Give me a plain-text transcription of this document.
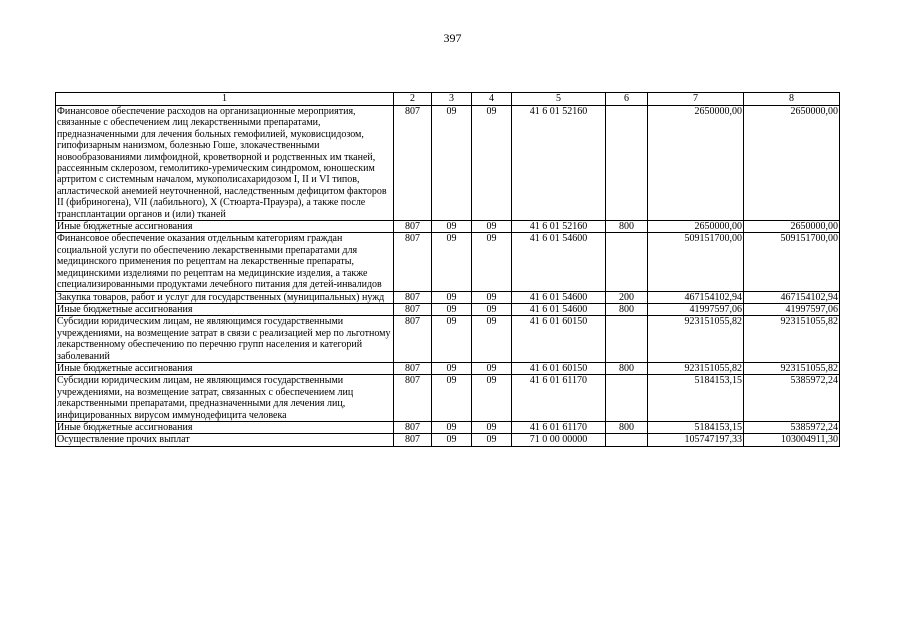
397
1	2	3	4	5	6	7	8
Финансовое обеспечение расходов на организационные мероприятия, связанные с обеспечением лиц лекарственными препаратами, предназначенными для лечения больных гемофилией, муковисцидозом, гипофизарным нанизмом, болезнью Гоше, злокачественными новообразованиями лимфоидной, кроветворной и родственных им тканей, рассеянным склерозом, гемолитико-уремическим синдромом, юношеским артритом с системным началом, мукополисахаридозом I, II и VI типов, апластической анемией неуточненной, наследственным дефицитом факторов II (фибриногена), VII (лабильного), X (Стюарта-Прауэра), а также после трансплантации органов и (или) тканей	807	09	09	41 6 01 52160		2650000,00	2650000,00
Иные бюджетные ассигнования	807	09	09	41 6 01 52160	800	2650000,00	2650000,00
Финансовое обеспечение оказания отдельным категориям граждан социальной услуги по обеспечению лекарственными препаратами для медицинского применения по рецептам на лекарственные препараты, медицинскими изделиями по рецептам на медицинские изделия, а также специализированными продуктами лечебного питания для детей-инвалидов	807	09	09	41 6 01 54600		509151700,00	509151700,00
Закупка товаров, работ и услуг для государственных (муниципальных) нужд	807	09	09	41 6 01 54600	200	467154102,94	467154102,94
Иные бюджетные ассигнования	807	09	09	41 6 01 54600	800	41997597,06	41997597,06
Субсидии юридическим лицам, не являющимся государственными учреждениями, на возмещение затрат в связи с реализацией мер по льготному лекарственному обеспечению по перечню групп населения и категорий заболеваний	807	09	09	41 6 01 60150		923151055,82	923151055,82
Иные бюджетные ассигнования	807	09	09	41 6 01 60150	800	923151055,82	923151055,82
Субсидии юридическим лицам, не являющимся государственными учреждениями, на возмещение затрат, связанных с обеспечением лиц лекарственными препаратами, предназначенными для лечения лиц, инфицированных вирусом иммунодефицита человека	807	09	09	41 6 01 61170		5184153,15	5385972,24
Иные бюджетные ассигнования	807	09	09	41 6 01 61170	800	5184153,15	5385972,24
Осуществление прочих выплат	807	09	09	71 0 00 00000		105747197,33	103004911,30
